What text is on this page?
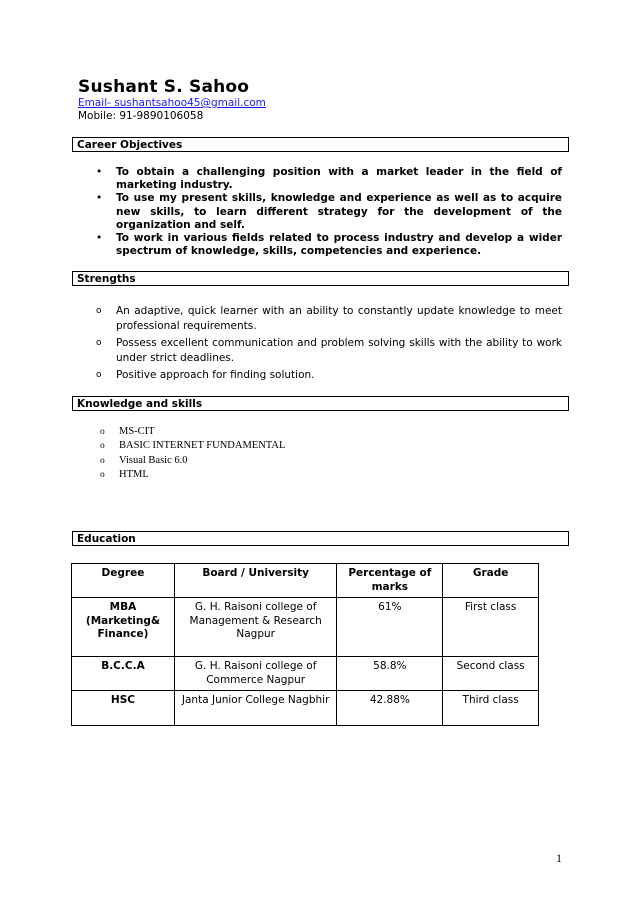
Sushant S. Sahoo
Email- sushantsahoo45@gmail.com
Mobile: 91-9890106058
Career Objectives
• To obtain a challenging position with a market leader in the field of marketing industry.
• To use my present skills, knowledge and experience as well as to acquire new skills, to learn different strategy for the development of the organization and self.
• To work in various fields related to process industry and develop a wider spectrum of knowledge, skills, competencies and experience.
Strengths
o An adaptive, quick learner with an ability to constantly update knowledge to meet professional requirements.
o Possess excellent communication and problem solving skills with the ability to work under strict deadlines.
o Positive approach for finding solution.
Knowledge and skills
o MS-CIT
o BASIC INTERNET FUNDAMENTAL
o Visual Basic 6.0
o HTML
Education
Degree	Board / University	Percentage of marks	Grade
MBA (Marketing& Finance)	G. H. Raisoni college of Management & Research Nagpur	61%	First class
B.C.C.A	G. H. Raisoni college of Commerce Nagpur	58.8%	Second class
HSC	Janta Junior College Nagbhir	42.88%	Third class
1
